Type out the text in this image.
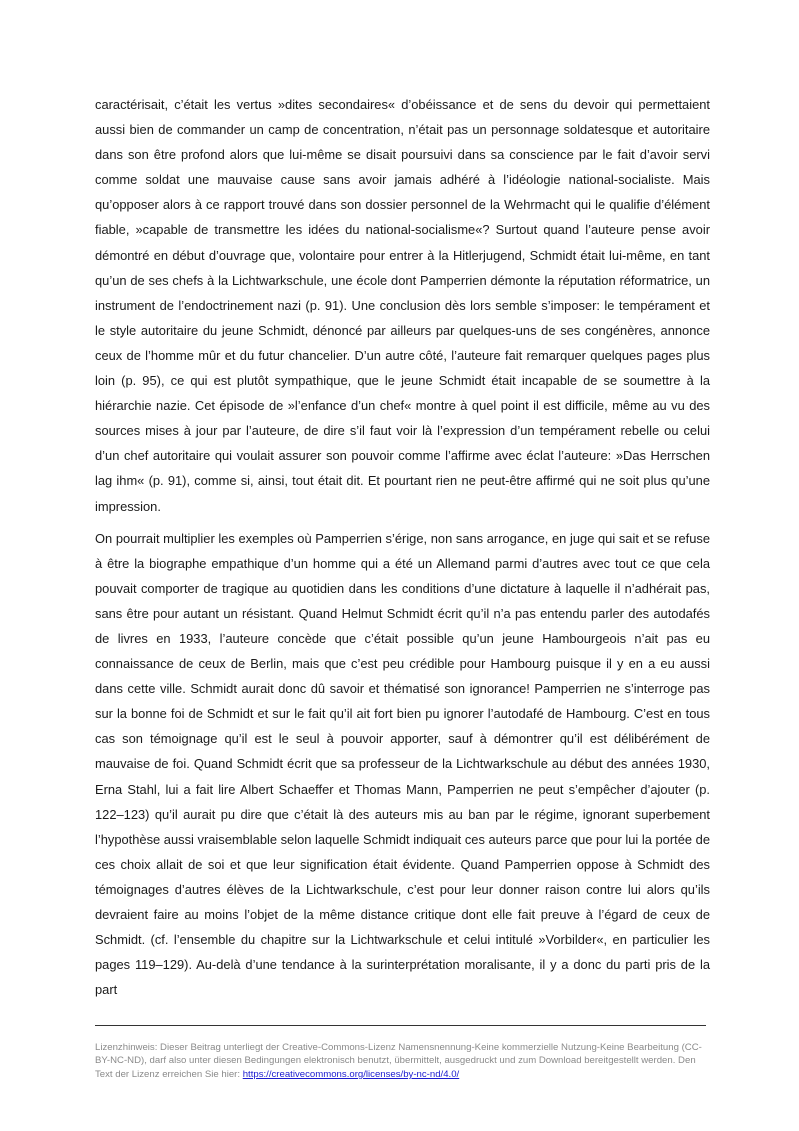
caractérisait, c’était les vertus »dites secondaires« d’obéissance et de sens du devoir qui permettaient aussi bien de commander un camp de concentration, n’était pas un personnage soldatesque et autoritaire dans son être profond alors que lui-même se disait poursuivi dans sa conscience par le fait d’avoir servi comme soldat une mauvaise cause sans avoir jamais adhéré à l’idéologie national-socialiste. Mais qu’opposer alors à ce rapport trouvé dans son dossier personnel de la Wehrmacht qui le qualifie d’élément fiable, »capable de transmettre les idées du national-socialisme«? Surtout quand l’auteure pense avoir démontré en début d’ouvrage que, volontaire pour entrer à la Hitlerjugend, Schmidt était lui-même, en tant qu’un de ses chefs à la Lichtwarkschule, une école dont Pamperrien démonte la réputation réformatrice, un instrument de l’endoctrinement nazi (p. 91). Une conclusion dès lors semble s’imposer: le tempérament et le style autoritaire du jeune Schmidt, dénoncé par ailleurs par quelques-uns de ses congénères, annonce ceux de l’homme mûr et du futur chancelier. D’un autre côté, l’auteure fait remarquer quelques pages plus loin (p. 95), ce qui est plutôt sympathique, que le jeune Schmidt était incapable de se soumettre à la hiérarchie nazie. Cet épisode de »l’enfance d’un chef« montre à quel point il est difficile, même au vu des sources mises à jour par l’auteure, de dire s’il faut voir là l’expression d’un tempérament rebelle ou celui d’un chef autoritaire qui voulait assurer son pouvoir comme l’affirme avec éclat l’auteure: »Das Herrschen lag ihm« (p. 91), comme si, ainsi, tout était dit. Et pourtant rien ne peut-être affirmé qui ne soit plus qu’une impression.

On pourrait multiplier les exemples où Pamperrien s’érige, non sans arrogance, en juge qui sait et se refuse à être la biographe empathique d’un homme qui a été un Allemand parmi d’autres avec tout ce que cela pouvait comporter de tragique au quotidien dans les conditions d’une dictature à laquelle il n’adhérait pas, sans être pour autant un résistant. Quand Helmut Schmidt écrit qu’il n’a pas entendu parler des autodafés de livres en 1933, l’auteure concède que c’était possible qu’un jeune Hambourgeois n’ait pas eu connaissance de ceux de Berlin, mais que c’est peu crédible pour Hambourg puisque il y en a eu aussi dans cette ville. Schmidt aurait donc dû savoir et thématisé son ignorance! Pamperrien ne s’interroge pas sur la bonne foi de Schmidt et sur le fait qu’il ait fort bien pu ignorer l’autodafé de Hambourg. C’est en tous cas son témoignage qu’il est le seul à pouvoir apporter, sauf à démontrer qu’il est délibérément de mauvaise de foi. Quand Schmidt écrit que sa professeur de la Lichtwarkschule au début des années 1930, Erna Stahl, lui a fait lire Albert Schaeffer et Thomas Mann, Pamperrien ne peut s’empêcher d’ajouter (p. 122–123) qu’il aurait pu dire que c’était là des auteurs mis au ban par le régime, ignorant superbement l’hypothèse aussi vraisemblable selon laquelle Schmidt indiquait ces auteurs parce que pour lui la portée de ces choix allait de soi et que leur signification était évidente. Quand Pamperrien oppose à Schmidt des témoignages d’autres élèves de la Lichtwarkschule, c’est pour leur donner raison contre lui alors qu’ils devraient faire au moins l’objet de la même distance critique dont elle fait preuve à l’égard de ceux de Schmidt. (cf. l’ensemble du chapitre sur la Lichtwarkschule et celui intitulé »Vorbilder«, en particulier les pages 119–129). Au-delà d’une tendance à la surinterprétation moralisante, il y a donc du parti pris de la part

Lizenzhinweis: Dieser Beitrag unterliegt der Creative-Commons-Lizenz Namensnennung-Keine kommerzielle Nutzung-Keine Bearbeitung (CC-BY-NC-ND), darf also unter diesen Bedingungen elektronisch benutzt, übermittelt, ausgedruckt und zum Download bereitgestellt werden. Den Text der Lizenz erreichen Sie hier: https://creativecommons.org/licenses/by-nc-nd/4.0/
